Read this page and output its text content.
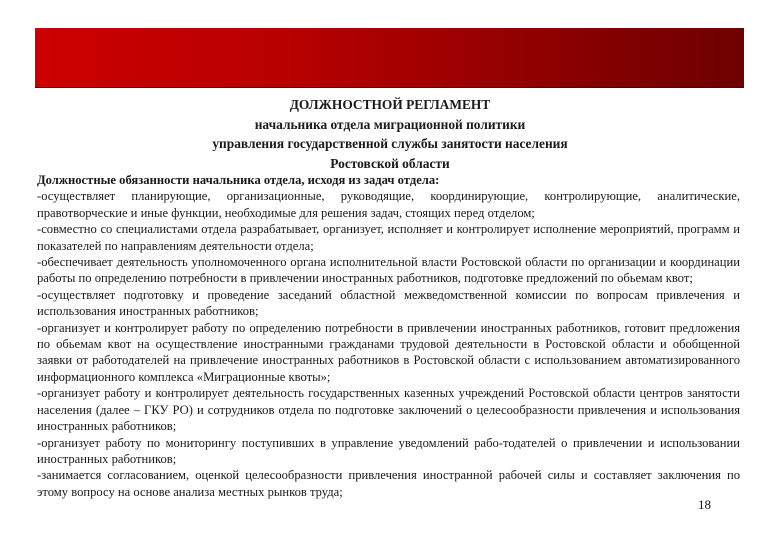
ДОЛЖНОСТНОЙ РЕГЛАМЕНТ
начальника отдела миграционной политики
управления государственной службы занятости населения
Ростовской области
Должностные обязанности начальника отдела, исходя из задач отдела:

-осуществляет планирующие, организационные, руководящие, координирующие, контролирующие, аналитические, правотворческие и иные функции, необходимые для решения задач, стоящих перед отделом;

-совместно со специалистами отдела разрабатывает, организует, исполняет и контролирует исполнение мероприятий, программ и показателей по направлениям деятельности отдела;

-обеспечивает деятельность уполномоченного органа исполнительной власти Ростовской области по организации и координации работы по определению потребности в привлечении иностранных работников, подготовке предложений по обьемам квот;

-осуществляет подготовку и проведение заседаний областной межведомственной комиссии по вопросам привлечения и использования иностранных работников;

-организует и контролирует работу по определению потребности в привлечении иностранных работников, готовит предложения по обьемам квот на осуществление иностранными гражданами трудовой деятельности в Ростовской области и обобщенной заявки от работодателей на привлечение иностранных работников в Ростовской области с использованием автоматизированного информационного комплекса «Миграционные квоты»;

-организует работу и контролирует деятельность государственных казенных учреждений Ростовской области центров занятости населения (далее – ГКУ РО) и сотрудников отдела по подготовке заключений о целесообразности привлечения и использования иностранных работников;

-организует работу по мониторингу поступивших в управление уведомлений рабо-тодателей о привлечении и использовании иностранных работников;

-занимается согласованием, оценкой целесообразности привлечения иностранной рабочей силы и составляет заключения по этому вопросу на основе анализа местных рынков труда;

18
